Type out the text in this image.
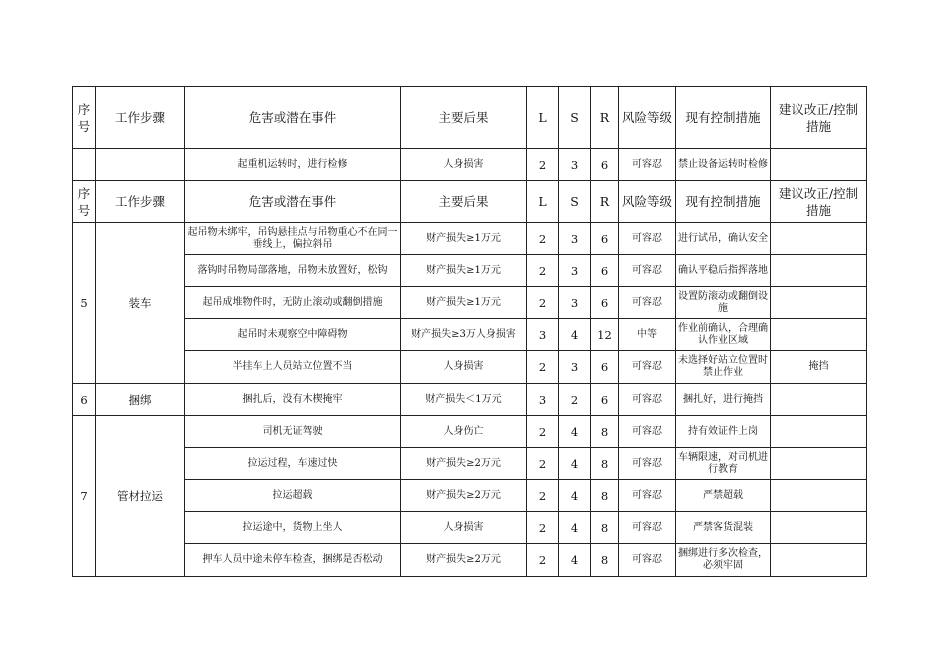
序号	工作步骤	危害或潜在事件	主要后果	L	S	R	风险等级	现有控制措施	建议改正/控制措施
		起重机运转时，进行检修	人身损害	2	3	6	可容忍	禁止设备运转时检修	
序号	工作步骤	危害或潜在事件	主要后果	L	S	R	风险等级	现有控制措施	建议改正/控制措施
5	装车	起吊物未绑牢，吊钩悬挂点与吊物重心不在同一垂线上，偏拉斜吊	财产损失≥1万元	2	3	6	可容忍	进行试吊，确认安全	
		落钩时吊物局部落地，吊物未放置好，松钩	财产损失≥1万元	2	3	6	可容忍	确认平稳后指挥落地	
		起吊成堆物件时，无防止滚动或翻倒措施	财产损失≥1万元	2	3	6	可容忍	设置防滚动或翻倒设施	
		起吊时未观察空中障碍物	财产损失≥3万人身损害	3	4	12	中等	作业前确认，合理确认作业区域	
		半挂车上人员站立位置不当	人身损害	2	3	6	可容忍	未选择好站立位置时禁止作业	掩挡
6	捆绑	捆扎后，没有木楔掩牢	财产损失＜1万元	3	2	6	可容忍	捆扎好，进行掩挡	
7	管材拉运	司机无证驾驶	人身伤亡	2	4	8	可容忍	持有效证件上岗	
		拉运过程，车速过快	财产损失≥2万元	2	4	8	可容忍	车辆限速，对司机进行教育	
		拉运超载	财产损失≥2万元	2	4	8	可容忍	严禁超载	
		拉运途中，货物上坐人	人身损害	2	4	8	可容忍	严禁客货混装	
		押车人员中途未停车检查，捆绑是否松动	财产损失≥2万元	2	4	8	可容忍	捆绑进行多次检查，必须牢固	
